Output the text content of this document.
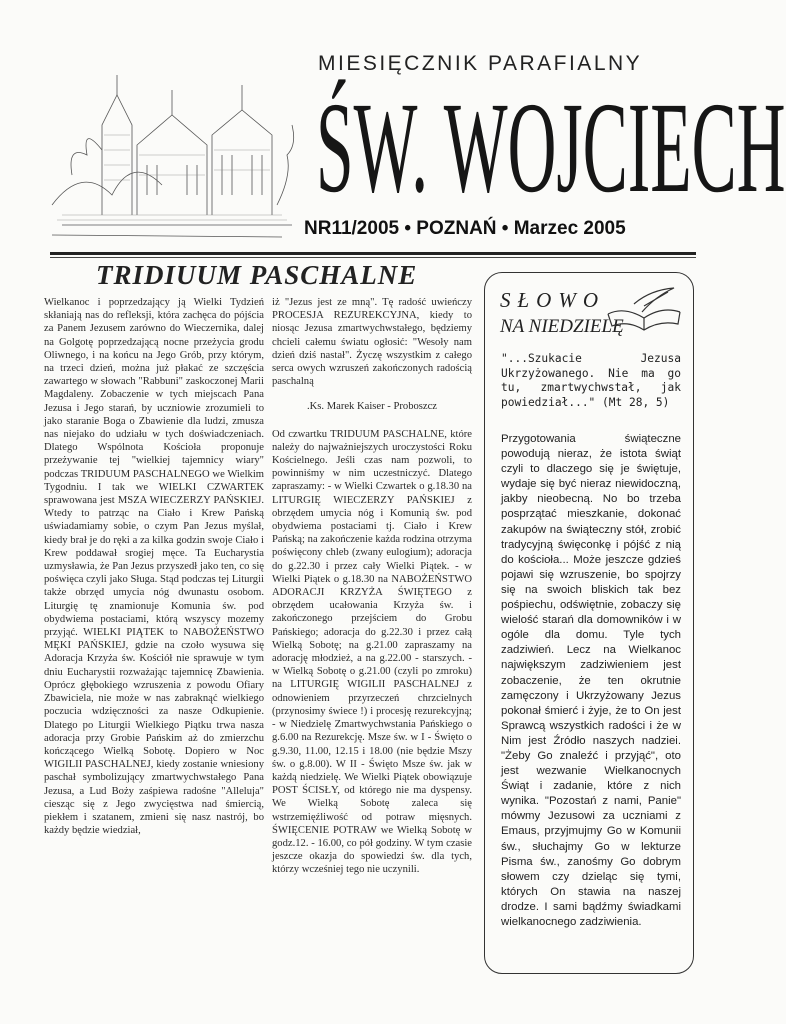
MIESIĘCZNIK PARAFIALNY
ŚW. WOJCIECH
NR11/2005 • POZNAŃ • Marzec 2005
TRIDIUUM PASCHALNE

Wielkanoc i poprzedzający ją Wielki Tydzień skłaniają nas do refleksji, która zachęca do pójścia za Panem Jezusem zarówno do Wieczernika, dalej na Golgotę poprzedzającą nocne przeżycia grodu Oliwnego, i na końcu na Jego Grób, przy którym, na trzeci dzień, można już płakać ze szczęścia zawartego w słowach "Rabbuni" zaskoczonej Marii Magdaleny. Zobaczenie w tych miejscach Pana Jezusa i Jego starań, by uczniowie zrozumieli to jako staranie Boga o Zbawienie dla ludzi, zmusza nas niejako do udziału w tych doświadczeniach. Dlatego Wspólnota Kościoła proponuje przeżywanie tej "wielkiej tajemnicy wiary" podczas TRIDUUM PASCHALNEGO we Wielkim Tygodniu. I tak we WIELKI CZWARTEK sprawowana jest MSZA WIECZERZY PAŃSKIEJ. Wtedy to patrząc na Ciało i Krew Pańską uświadamiamy sobie, o czym Pan Jezus myślał, kiedy brał je do ręki a za kilka godzin swoje Ciało i Krew poddawał srogiej męce. Ta Eucharystia uzmysławia, że Pan Jezus przyszedł jako ten, co się poświęca czyli jako Sługa. Stąd podczas tej Liturgii także obrzęd umycia nóg dwunastu osobom. Liturgię tę znamionuje Komunia św. pod obydwiema postaciami, którą wszyscy mozemy przyjąć. WIELKI PIĄTEK to NABOŻEŃSTWO MĘKI PAŃSKIEJ, gdzie na czoło wysuwa się Adoracja Krzyża św. Kościół nie sprawuje w tym dniu Eucharystii rozważając tajemnicę Zbawienia. Oprócz głębokiego wzruszenia z powodu Ofiary Zbawiciela, nie może w nas zabraknąć wielkiego poczucia wdzięczności za nasze Odkupienie. Dlatego po Liturgii Wielkiego Piątku trwa nasza adoracja przy Grobie Pańskim aż do zmierzchu kończącego Wielką Sobotę. Dopiero w Noc WIGILII PASCHALNEJ, kiedy zostanie wniesiony paschał symbolizujący zmartwychwstałego Pana Jezusa, a Lud Boży zaśpiewa radośne "Alleluja" ciesząc się z Jego zwycięstwa nad śmiercią, piekłem i szatanem, zmieni się nasz nastrój, bo każdy będzie wiedział,

iż "Jezus jest ze mną". Tę radość uwieńczy PROCESJA REZUREKCYJNA, kiedy to niosąc Jezusa zmartwychwstałego, będziemy chcieli całemu światu ogłosić: "Wesoły nam dzień dziś nastał". Życzę wszystkim z całego serca owych wzruszeń zakończonych radością paschalną

.Ks. Marek Kaiser - Proboszcz

Od czwartku TRIDUUM PASCHALNE, które należy do najważniejszych uroczystości Roku Kościelnego. Jeśli czas nam pozwoli, to powinniśmy w nim uczestniczyć. Dlatego zapraszamy: - w Wielki Czwartek o g.18.30 na LITURGIĘ WIECZERZY PAŃSKIEJ z obrzędem umycia nóg i Komunią św. pod obydwiema postaciami tj. Ciało i Krew Pańską; na zakończenie każda rodzina otrzyma poświęcony chleb (zwany eulogium); adoracja do g.22.30 i przez cały Wielki Piątek. - w Wielki Piątek o g.18.30 na NABOŻEŃSTWO ADORACJI KRZYŻA ŚWIĘTEGO z obrzędem ucałowania Krzyża św. i zakończonego przejściem do Grobu Pańskiego; adoracja do g.22.30 i przez całą Wielką Sobotę; na g.21.00 zapraszamy na adorację młodzież, a na g.22.00 - starszych. - w Wielką Sobotę o g.21.00 (czyli po zmroku) na LITURGIĘ WIGILII PASCHALNEJ z odnowieniem przyrzeczeń chrzcielnych (przynosimy świece !) i procesję rezurekcyjną; - w Niedzielę Zmartwychwstania Pańskiego o g.6.00 na Rezurekcję. Msze św. w I - Święto o g.9.30, 11.00, 12.15 i 18.00 (nie będzie Mszy św. o g.8.00). W II - Święto Msze św. jak w każdą niedzielę. We Wielki Piątek obowiązuje POST ŚCISŁY, od którego nie ma dyspensy. We Wielką Sobotę zaleca się wstrzemięźliwość od potraw mięsnych. ŚWIĘCENIE POTRAW we Wielką Sobotę w godz.12. - 16.00, co pół godziny. W tym czasie jeszcze okazja do spowiedzi św. dla tych, którzy wcześniej tego nie uczynili.

SŁOWO
NA NIEDZIELĘ
"...Szukacie Jezusa Ukrzyżowanego. Nie ma go tu, zmartwychwstał, jak powiedział..." (Mt 28, 5)
Przygotowania świąteczne powodują nieraz, że istota świąt czyli to dlaczego się je świętuje, wydaje się być nieraz niewidoczną, jakby nieobecną. No bo trzeba posprzątać mieszkanie, dokonać zakupów na świąteczny stół, zrobić tradycyjną święconkę i pójść z nią do kościoła... Może jeszcze gdzieś pojawi się wzruszenie, bo spojrzy się na swoich bliskich tak bez pośpiechu, odświętnie, zobaczy się wielość starań dla domowników i w ogóle dla domu. Tyle tych zadziwień. Lecz na Wielkanoc największym zadziwieniem jest zobaczenie, że ten okrutnie zamęczony i Ukrzyżowany Jezus pokonał śmierć i żyje, że to On jest Sprawcą wszystkich radości i że w Nim jest Źródło naszych nadziei. "Żeby Go znaleźć i przyjąć", oto jest wezwanie Wielkanocnych Świąt i zadanie, które z nich wynika. "Pozostań z nami, Panie" mówmy Jezusowi za uczniami z Emaus, przyjmujmy Go w Komunii św., słuchajmy Go w lekturze Pisma św., zanośmy Go dobrym słowem czy dzieląc się tymi, których On stawia na naszej drodze. I sami bądźmy świadkami wielkanocnego zadziwienia.
